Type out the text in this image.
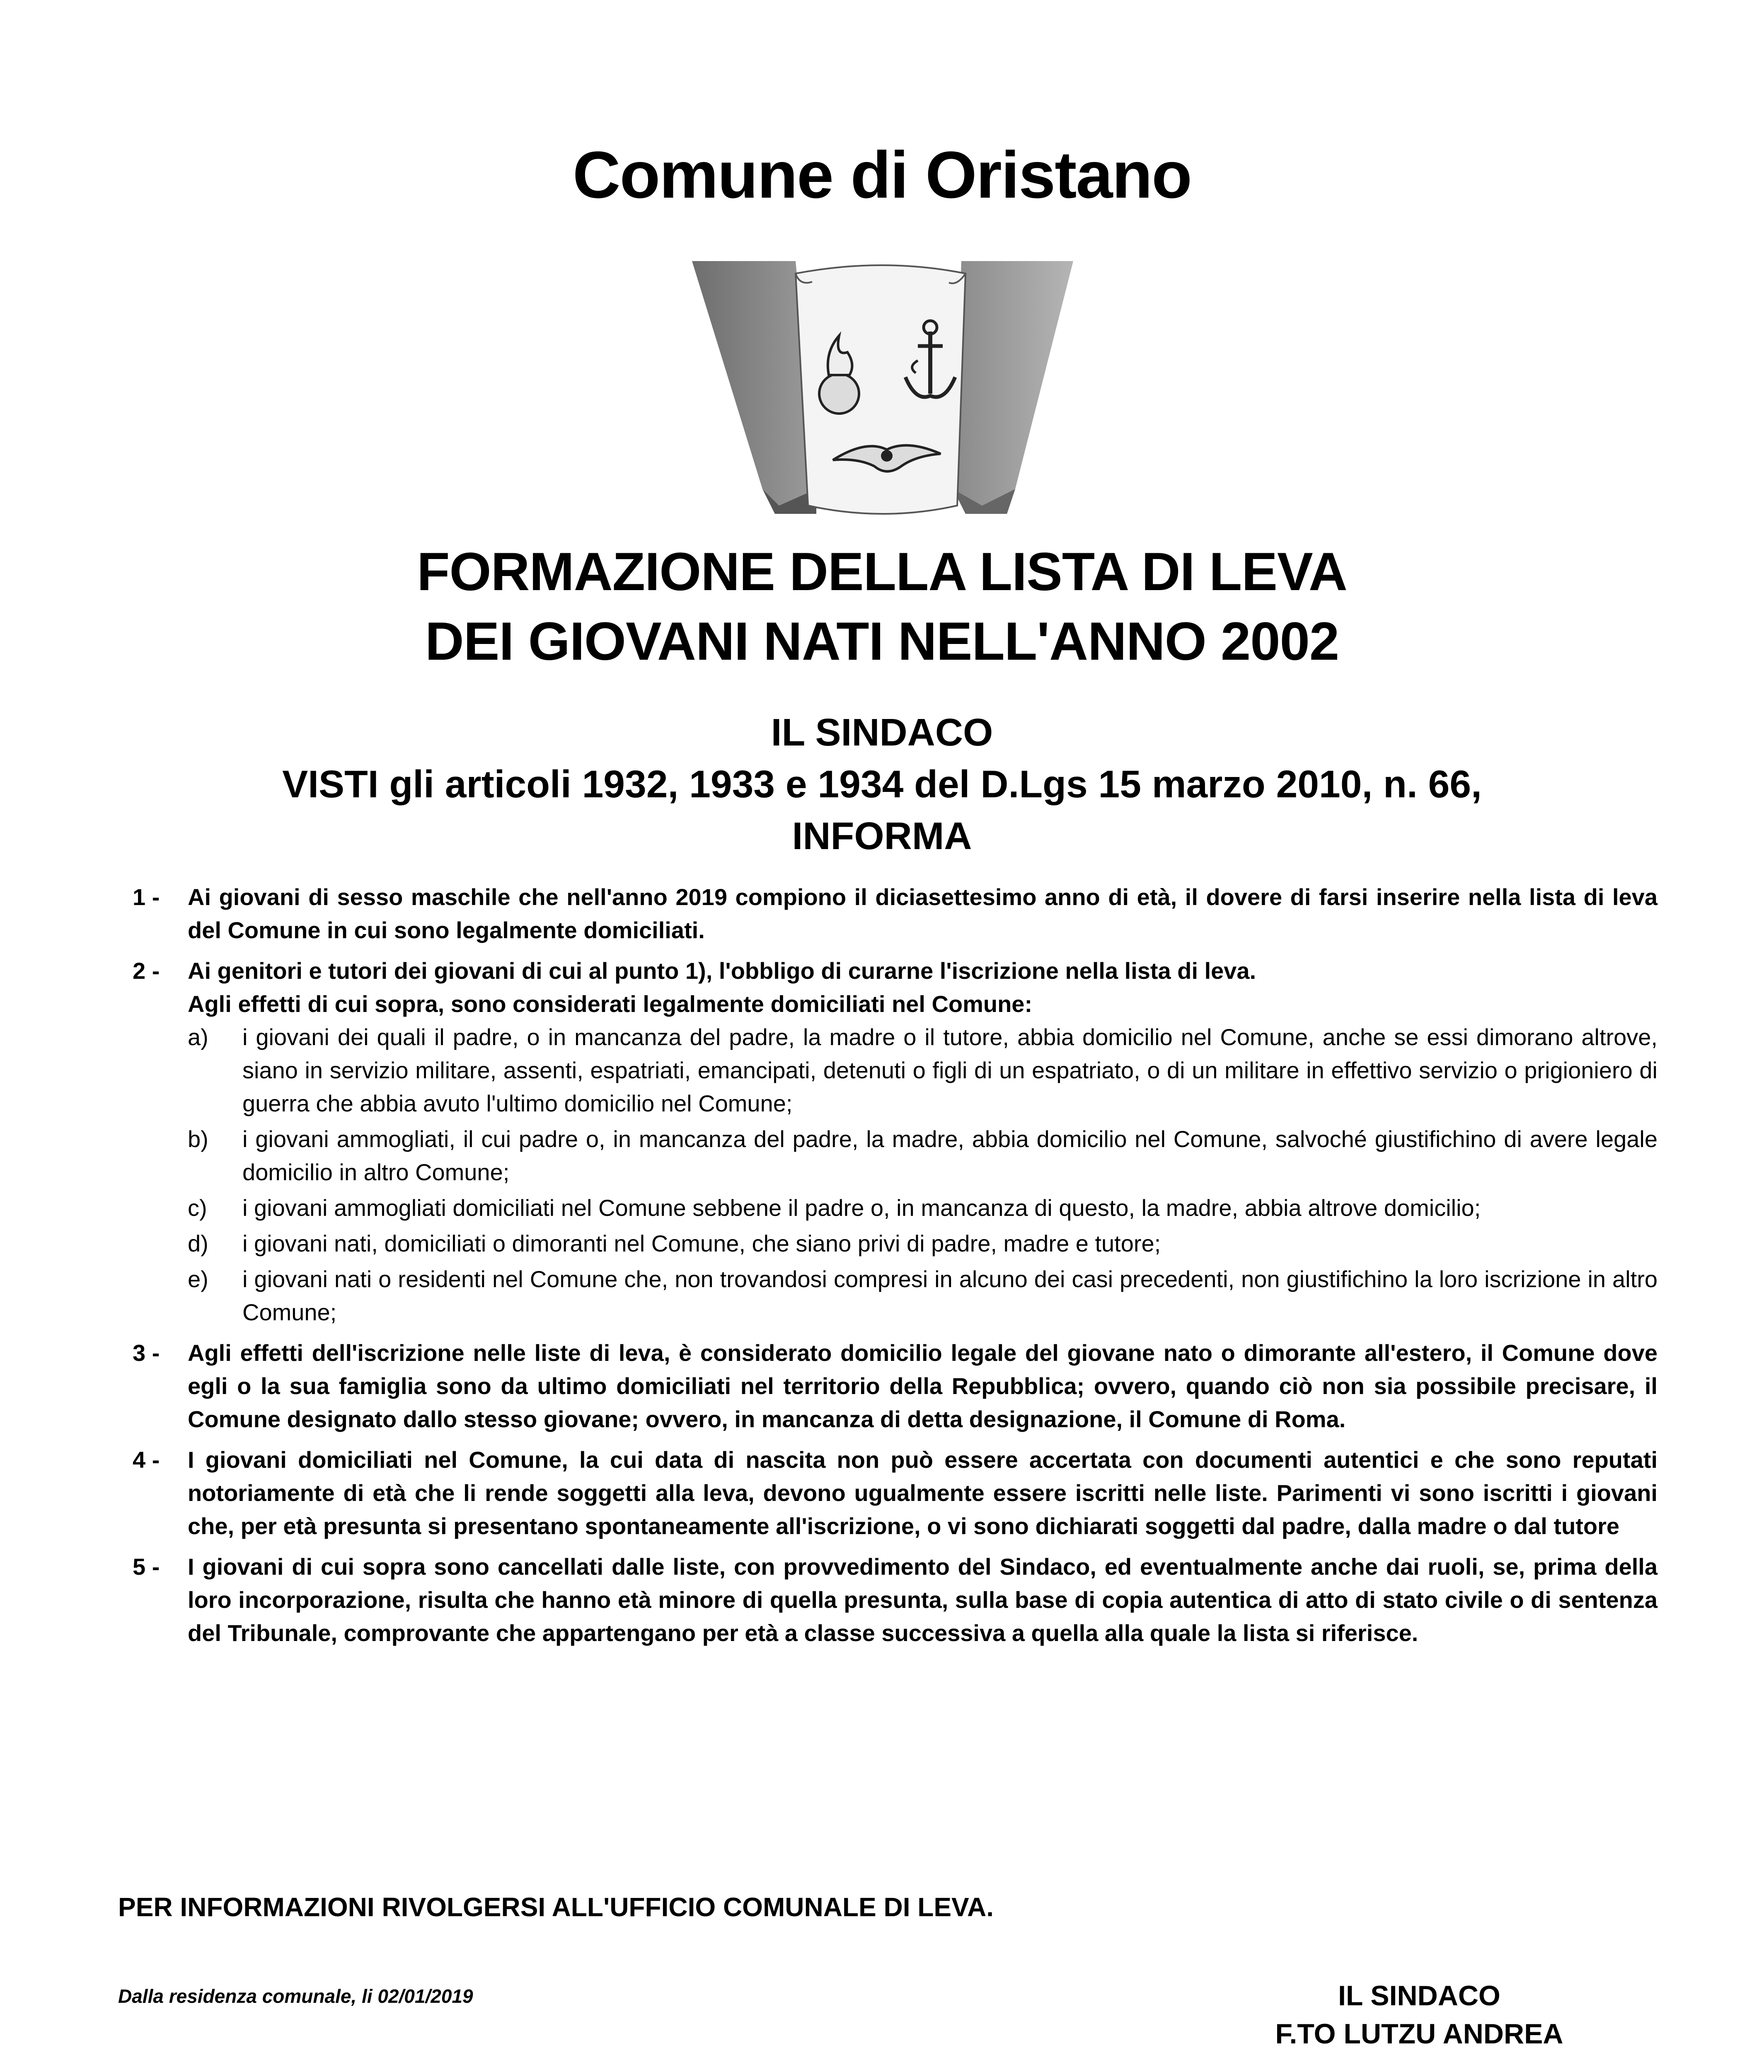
Comune di Oristano
FORMAZIONE DELLA LISTA DI LEVA
DEI GIOVANI NATI NELL'ANNO 2002
IL SINDACO
VISTI gli articoli 1932, 1933 e 1934 del D.Lgs 15 marzo 2010, n. 66,
INFORMA
1 - Ai giovani di sesso maschile che nell'anno 2019 compiono il diciasettesimo anno di età, il dovere di farsi inserire nella lista di leva del Comune in cui sono legalmente domiciliati.
2 - Ai genitori e tutori dei giovani di cui al punto 1), l'obbligo di curarne l'iscrizione nella lista di leva.
Agli effetti di cui sopra, sono considerati legalmente domiciliati nel Comune:
a) i giovani dei quali il padre, o in mancanza del padre, la madre o il tutore, abbia domicilio nel Comune, anche se essi dimorano altrove, siano in servizio militare, assenti, espatriati, emancipati, detenuti o figli di un espatriato, o di un militare in effettivo servizio o prigioniero di guerra che abbia avuto l'ultimo domicilio nel Comune;
b) i giovani ammogliati, il cui padre o, in mancanza del padre, la madre, abbia domicilio nel Comune, salvoché giustifichino di avere legale domicilio in altro Comune;
c) i giovani ammogliati domiciliati nel Comune sebbene il padre o, in mancanza di questo, la madre, abbia altrove domicilio;
d) i giovani nati, domiciliati o dimoranti nel Comune, che siano privi di padre, madre e tutore;
e) i giovani nati o residenti nel Comune che, non trovandosi compresi in alcuno dei casi precedenti, non giustifichino la loro iscrizione in altro Comune;
3 - Agli effetti dell'iscrizione nelle liste di leva, è considerato domicilio legale del giovane nato o dimorante all'estero, il Comune dove egli o la sua famiglia sono da ultimo domiciliati nel territorio della Repubblica; ovvero, quando ciò non sia possibile precisare, il Comune designato dallo stesso giovane; ovvero, in mancanza di detta designazione, il Comune di Roma.
4 - I giovani domiciliati nel Comune, la cui data di nascita non può essere accertata con documenti autentici e che sono reputati notoriamente di età che li rende soggetti alla leva, devono ugualmente essere iscritti nelle liste. Parimenti vi sono iscritti i giovani che, per età presunta si presentano spontaneamente all'iscrizione, o vi sono dichiarati soggetti dal padre, dalla madre o dal tutore
5 - I giovani di cui sopra sono cancellati dalle liste, con provvedimento del Sindaco, ed eventualmente anche dai ruoli, se, prima della loro incorporazione, risulta che hanno età minore di quella presunta, sulla base di copia autentica di atto di stato civile o di sentenza del Tribunale, comprovante che appartengano per età a classe successiva a quella alla quale la lista si riferisce.
PER INFORMAZIONI RIVOLGERSI ALL'UFFICIO COMUNALE DI LEVA.
Dalla residenza comunale, li 02/01/2019	IL SINDACO
F.TO LUTZU ANDREA
